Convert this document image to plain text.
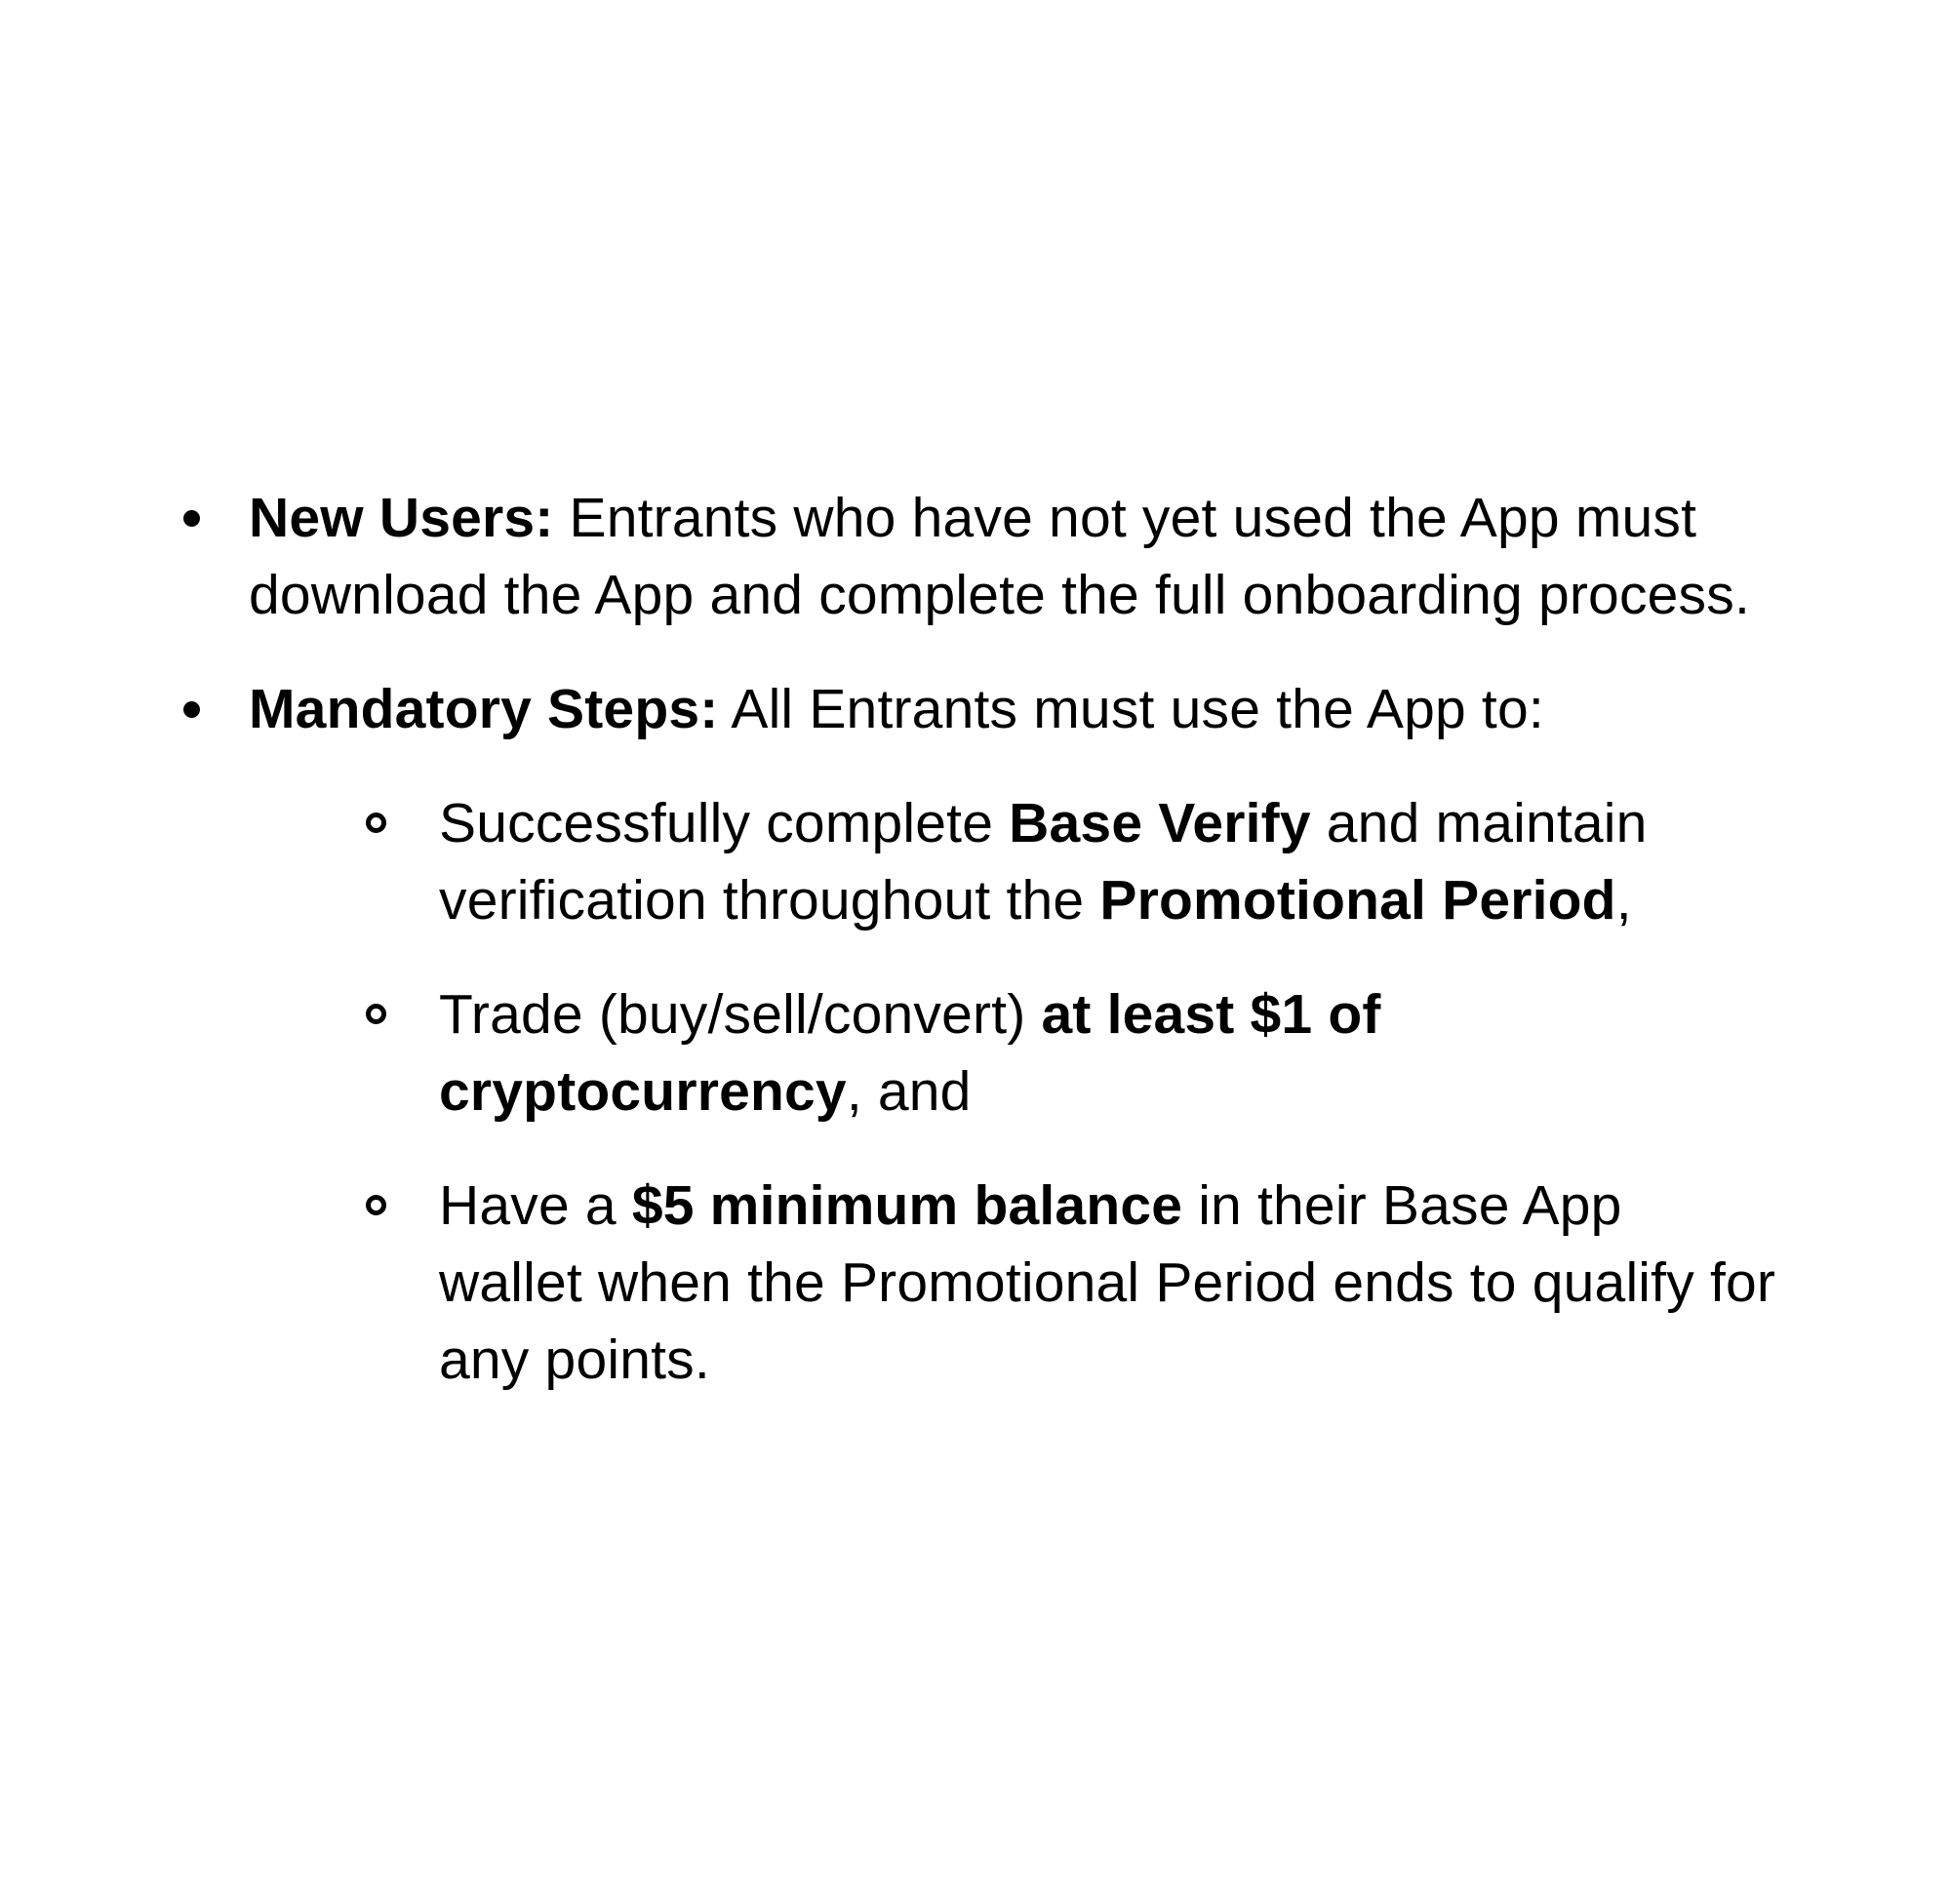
New Users: Entrants who have not yet used the App must
download the App and complete the full onboarding process.
Mandatory Steps: All Entrants must use the App to:
Successfully complete Base Verify and maintain
verification throughout the Promotional Period,
Trade (buy/sell/convert) at least $1 of
cryptocurrency, and
Have a $5 minimum balance in their Base App
wallet when the Promotional Period ends to qualify for
any points.
